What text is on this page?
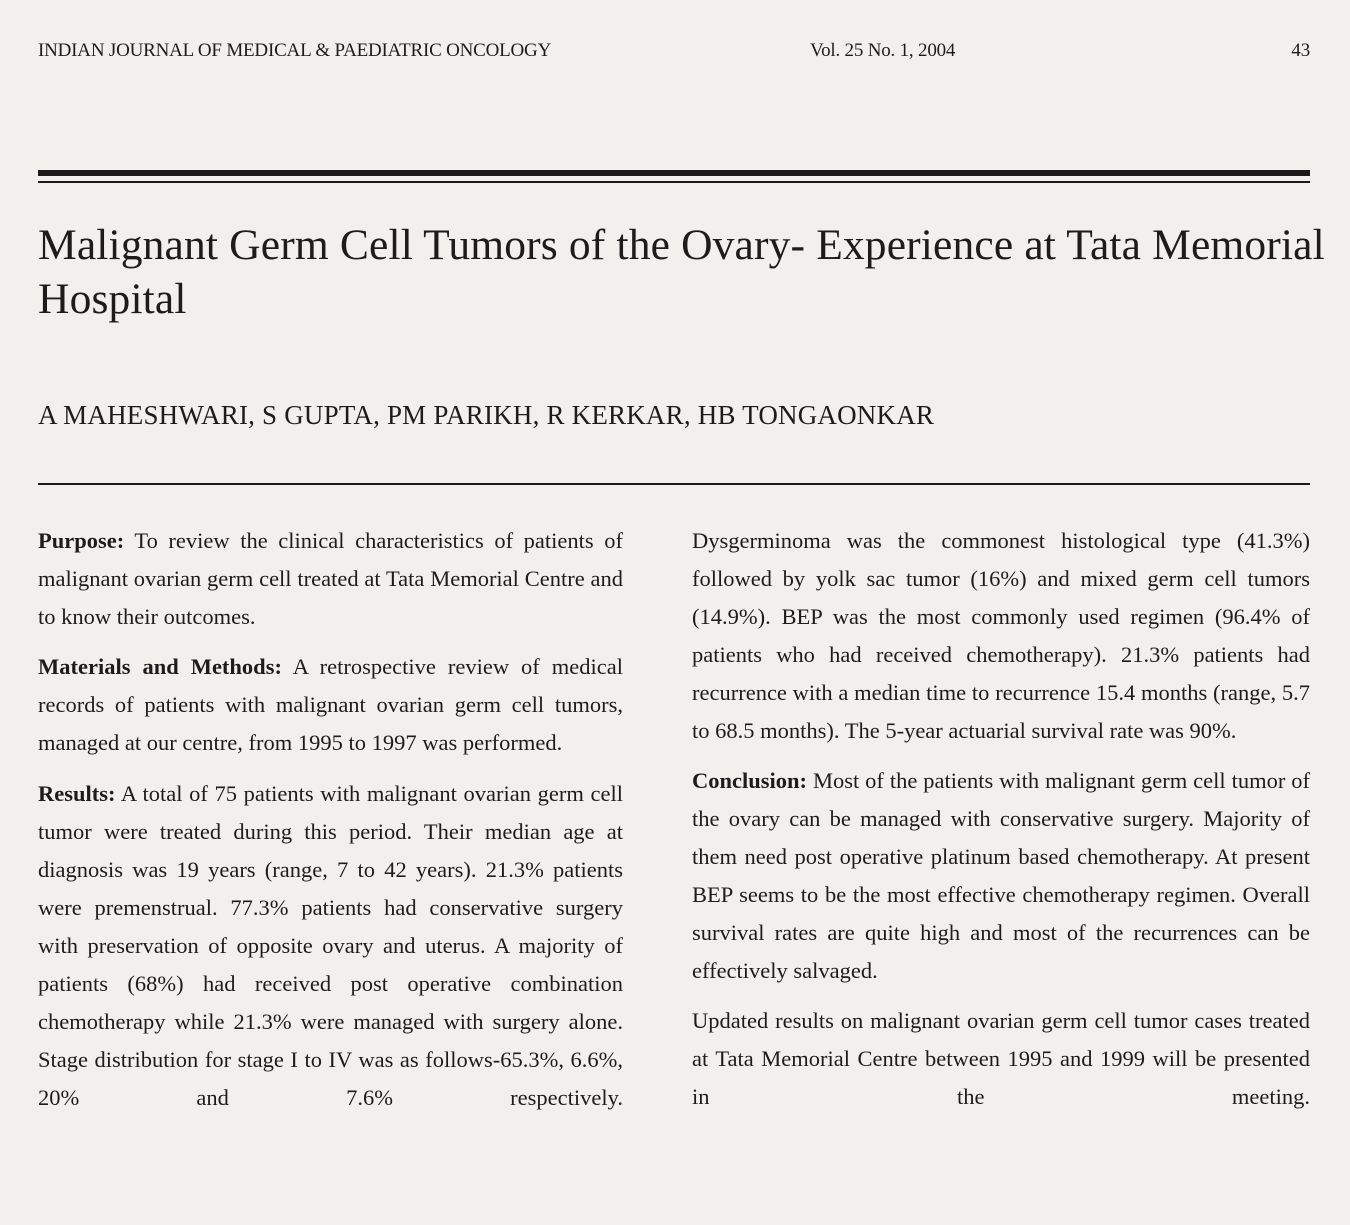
INDIAN JOURNAL OF MEDICAL & PAEDIATRIC ONCOLOGY	Vol. 25 No. 1, 2004	43
Malignant Germ Cell Tumors of the Ovary- Experience at Tata Memorial Hospital

A MAHESHWARI, S GUPTA, PM PARIKH, R KERKAR, HB TONGAONKAR

Purpose: To review the clinical characteristics of patients of malignant ovarian germ cell treated at Tata Memorial Centre and to know their outcomes.

Materials and Methods: A retrospective review of medical records of patients with malignant ovarian germ cell tumors, managed at our centre, from 1995 to 1997 was performed.

Results: A total of 75 patients with malignant ovarian germ cell tumor were treated during this period. Their median age at diagnosis was 19 years (range, 7 to 42 years). 21.3% patients were premenstrual. 77.3% patients had conservative surgery with preservation of opposite ovary and uterus. A majority of patients (68%) had received post operative combination chemotherapy while 21.3% were managed with surgery alone. Stage distribution for stage I to IV was as follows-65.3%, 6.6%, 20% and 7.6% respectively.

Dysgerminoma was the commonest histological type (41.3%) followed by yolk sac tumor (16%) and mixed germ cell tumors (14.9%). BEP was the most commonly used regimen (96.4% of patients who had received chemotherapy). 21.3% patients had recurrence with a median time to recurrence 15.4 months (range, 5.7 to 68.5 months). The 5-year actuarial survival rate was 90%.

Conclusion: Most of the patients with malignant germ cell tumor of the ovary can be managed with conservative surgery. Majority of them need post operative platinum based chemotherapy. At present BEP seems to be the most effective chemotherapy regimen. Overall survival rates are quite high and most of the recurrences can be effectively salvaged.

Updated results on malignant ovarian germ cell tumor cases treated at Tata Memorial Centre between 1995 and 1999 will be presented in the meeting.
